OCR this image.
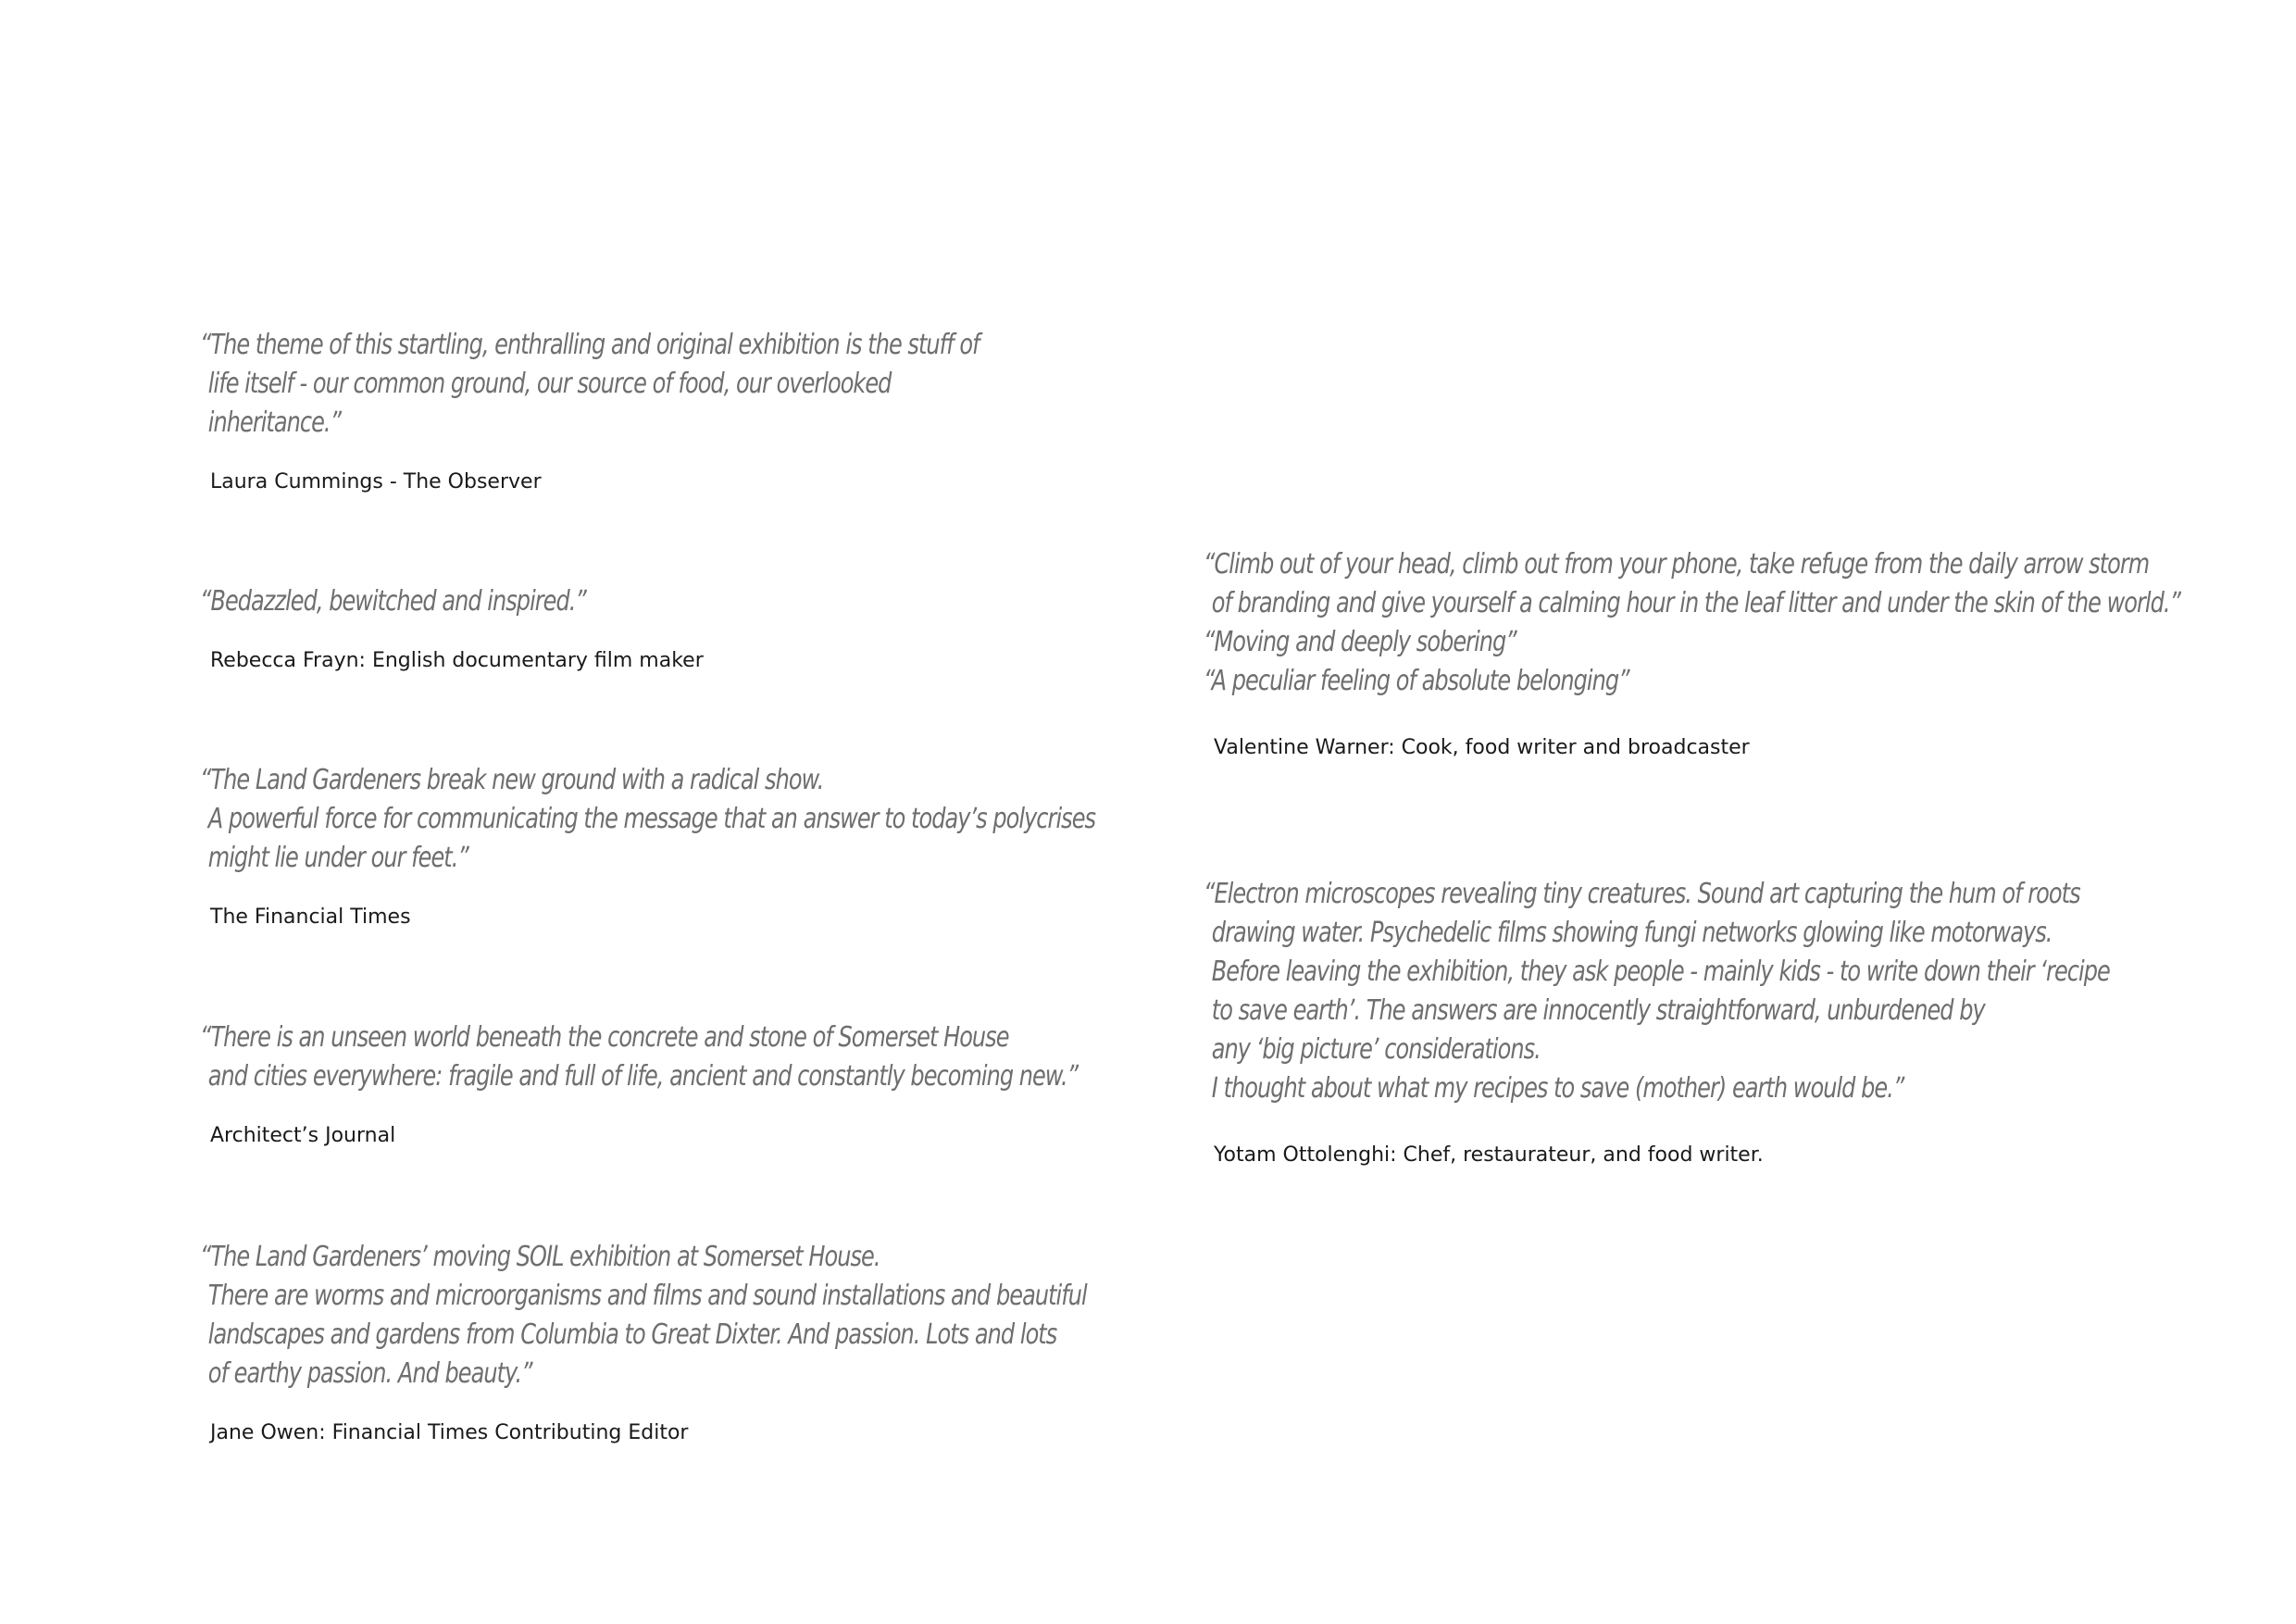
“The theme of this startling, enthralling and original exhibition is the stuff of
life itself - our common ground, our source of food, our overlooked
inheritance.”
Laura Cummings - The Observer
“Bedazzled, bewitched and inspired.”
Rebecca Frayn: English documentary film maker
“The Land Gardeners break new ground with a radical show.
A powerful force for communicating the message that an answer to today’s polycrises
might lie under our feet.”
The Financial Times
“There is an unseen world beneath the concrete and stone of Somerset House
and cities everywhere: fragile and full of life, ancient and constantly becoming new.”
Architect’s Journal
“The Land Gardeners’ moving SOIL exhibition at Somerset House.
There are worms and microorganisms and films and sound installations and beautiful
landscapes and gardens from Columbia to Great Dixter. And passion. Lots and lots
of earthy passion. And beauty.”
Jane Owen: Financial Times Contributing Editor
“Climb out of your head, climb out from your phone, take refuge from the daily arrow storm
of branding and give yourself a calming hour in the leaf litter and under the skin of the world.”
“Moving and deeply sobering”
“A peculiar feeling of absolute belonging”
Valentine Warner: Cook, food writer and broadcaster
“Electron microscopes revealing tiny creatures. Sound art capturing the hum of roots
drawing water. Psychedelic films showing fungi networks glowing like motorways.
Before leaving the exhibition, they ask people - mainly kids - to write down their ‘recipe
to save earth’. The answers are innocently straightforward, unburdened by
any ‘big picture’ considerations.
I thought about what my recipes to save (mother) earth would be.”
Yotam Ottolenghi: Chef, restaurateur, and food writer.
